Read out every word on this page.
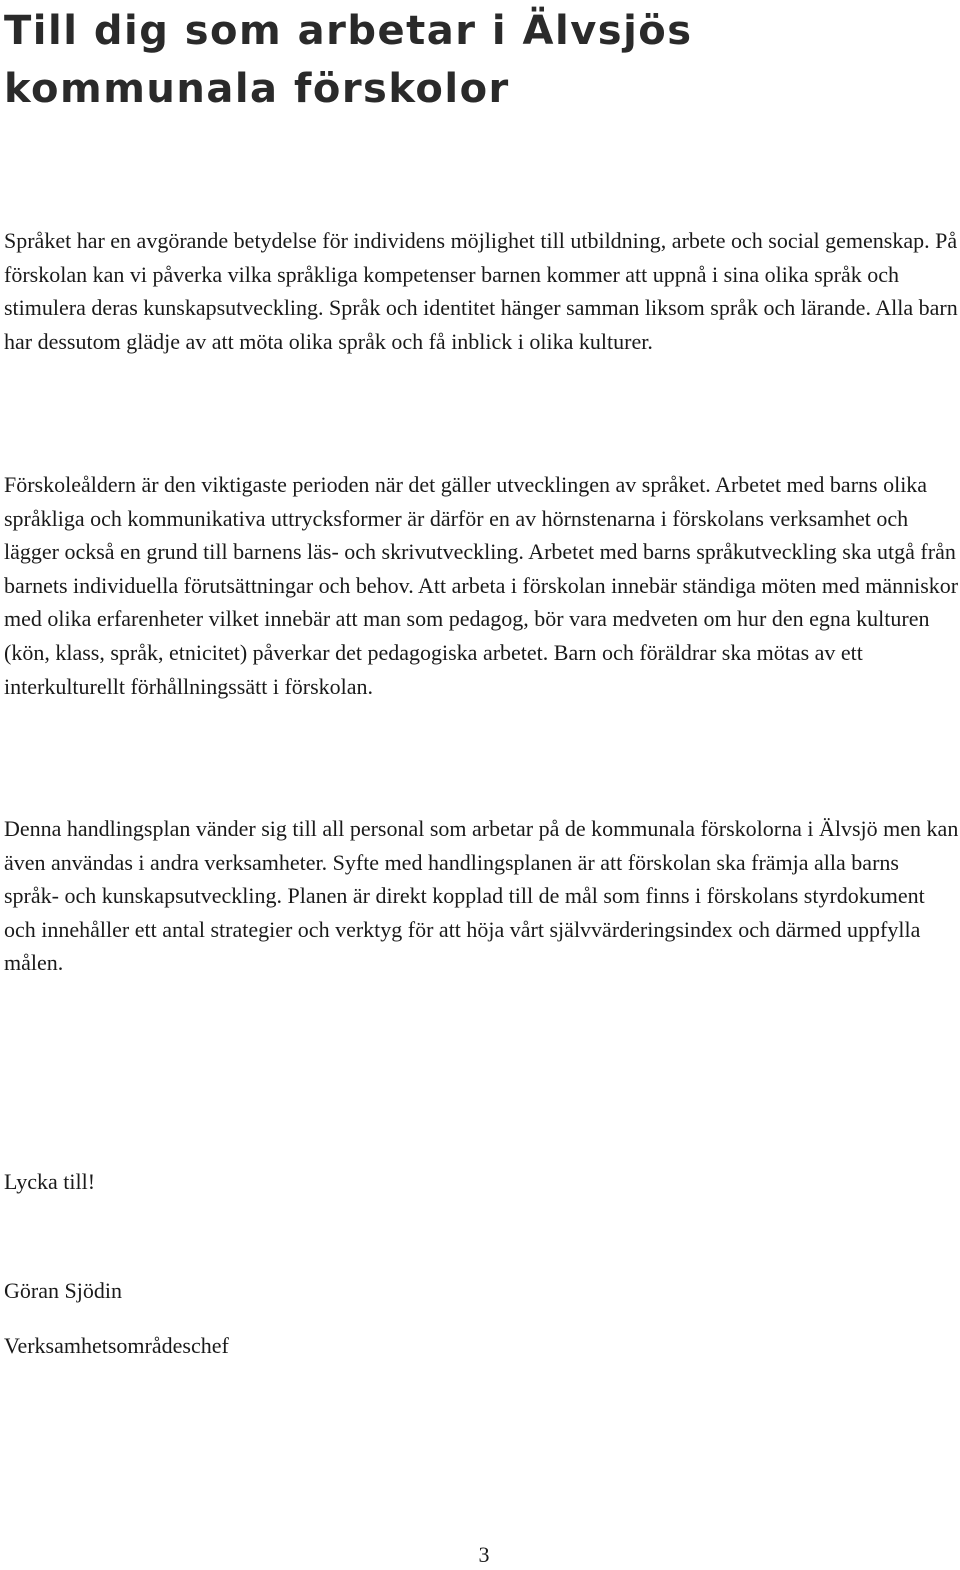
Till dig som arbetar i Älvsjös kommunala förskolor

Språket har en avgörande betydelse för individens möjlighet till utbildning, arbete och social gemenskap. På förskolan kan vi påverka vilka språkliga kompetenser barnen kommer att uppnå i sina olika språk och stimulera deras kunskapsutveckling. Språk och identitet hänger samman liksom språk och lärande. Alla barn har dessutom glädje av att möta olika språk och få inblick i olika kulturer.

Förskoleåldern är den viktigaste perioden när det gäller utvecklingen av språket. Arbetet med barns olika språkliga och kommunikativa uttrycksformer är därför en av hörnstenarna i förskolans verksamhet och lägger också en grund till barnens läs- och skrivutveckling. Arbetet med barns språkutveckling ska utgå från barnets individuella förutsättningar och behov. Att arbeta i förskolan innebär ständiga möten med människor med olika erfarenheter vilket innebär att man som pedagog, bör vara medveten om hur den egna kulturen (kön, klass, språk, etnicitet) påverkar det pedagogiska arbetet. Barn och föräldrar ska mötas av ett interkulturellt förhållningssätt i förskolan.

Denna handlingsplan vänder sig till all personal som arbetar på de kommunala förskolorna i Älvsjö men kan även användas i andra verksamheter. Syfte med handlingsplanen är att förskolan ska främja alla barns språk- och kunskapsutveckling. Planen är direkt kopplad till de mål som finns i förskolans styrdokument och innehåller ett antal strategier och verktyg för att höja vårt självvärderingsindex och därmed uppfylla målen.

Lycka till!

Göran Sjödin

Verksamhetsområdeschef

3
